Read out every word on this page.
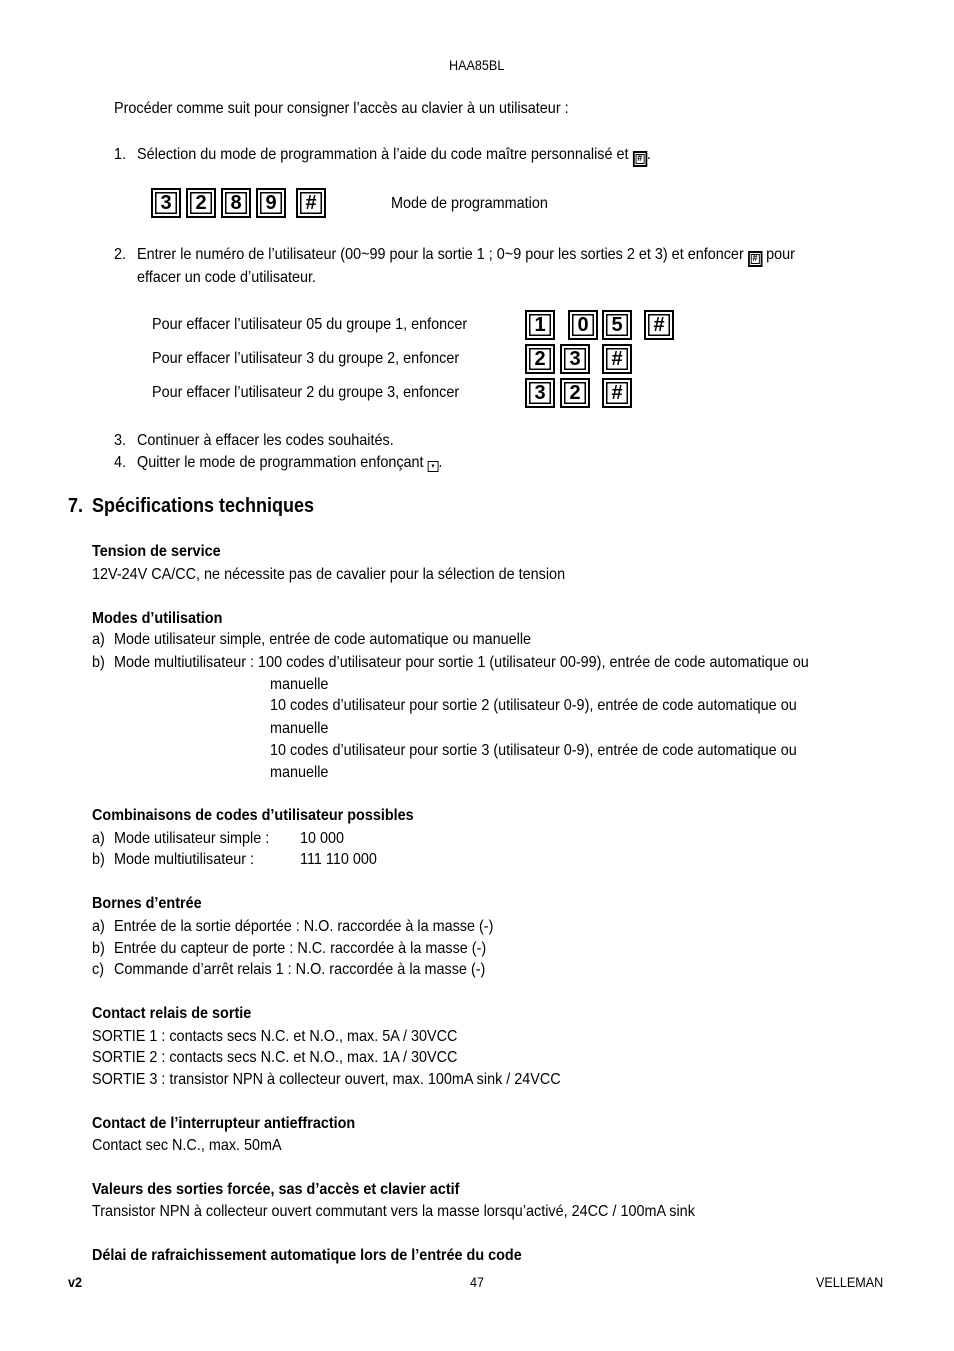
HAA85BL
Procéder comme suit pour consigner l’accès au clavier à un utilisateur :
1. Sélection du mode de programmation à l’aide du code maître personnalisé et # .
3	2	8	9	#	Mode de programmation
2. Entrer le numéro de l’utilisateur (00~99 pour la sortie 1 ; 0~9 pour les sorties 2 et 3) et enfoncer # pour
effacer un code d’utilisateur.
Pour effacer l’utilisateur 05 du groupe 1, enfoncer	1	0	5	#
Pour effacer l’utilisateur 3 du groupe 2, enfoncer	2	3	#
Pour effacer l’utilisateur 2 du groupe 3, enfoncer	3	2	#
3. Continuer à effacer les codes souhaités.
4. Quitter le mode de programmation enfonçant ▾ .
7. Spécifications techniques
Tension de service
12V-24V CA/CC, ne nécessite pas de cavalier pour la sélection de tension
Modes d’utilisation
a) Mode utilisateur simple, entrée de code automatique ou manuelle
b) Mode multiutilisateur : 100 codes d’utilisateur pour sortie 1 (utilisateur 00-99), entrée de code automatique ou
manuelle
10 codes d’utilisateur pour sortie 2 (utilisateur 0-9), entrée de code automatique ou
manuelle
10 codes d’utilisateur pour sortie 3 (utilisateur 0-9), entrée de code automatique ou
manuelle
Combinaisons de codes d’utilisateur possibles
a) Mode utilisateur simple : 10 000
b) Mode multiutilisateur :	111 110 000
Bornes d’entrée
a) Entrée de la sortie déportée : N.O. raccordée à la masse (-)
b) Entrée du capteur de porte : N.C. raccordée à la masse (-)
c) Commande d’arrêt relais 1 : N.O. raccordée à la masse (-)
Contact relais de sortie
SORTIE 1 : contacts secs N.C. et N.O., max. 5A / 30VCC
SORTIE 2 : contacts secs N.C. et N.O., max. 1A / 30VCC
SORTIE 3 : transistor NPN à collecteur ouvert, max. 100mA sink / 24VCC
Contact de l’interrupteur antieffraction
Contact sec N.C., max. 50mA
Valeurs des sorties forcée, sas d’accès et clavier actif
Transistor NPN à collecteur ouvert commutant vers la masse lorsqu’activé, 24CC / 100mA sink
Délai de rafraichissement automatique lors de l’entrée du code
v2	47	VELLEMAN
